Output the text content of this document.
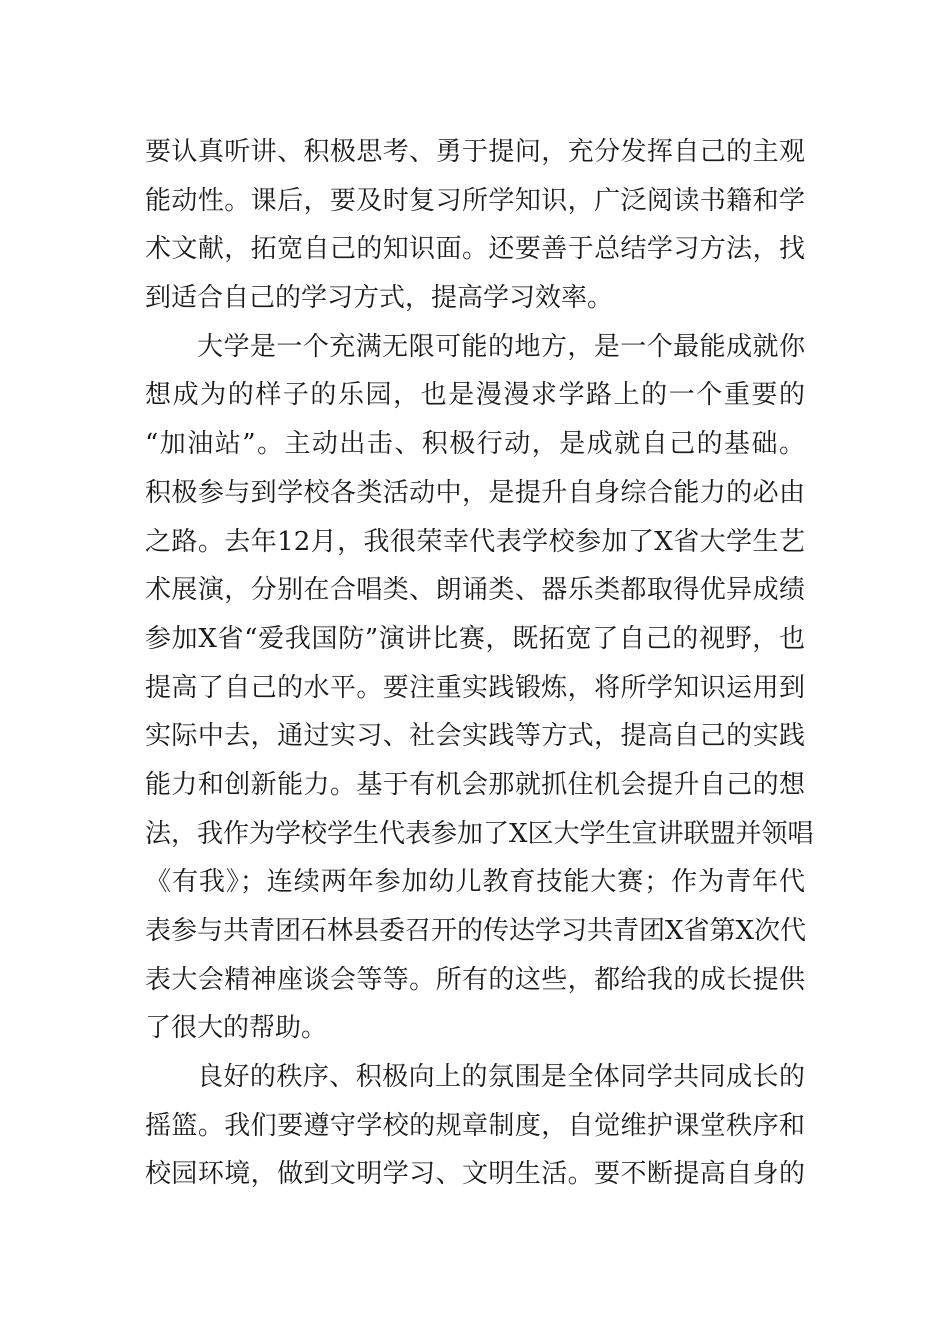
要认真听讲、积极思考、勇于提问，充分发挥自己的主观
能动性。课后，要及时复习所学知识，广泛阅读书籍和学
术文献，拓宽自己的知识面。还要善于总结学习方法，找
到适合自己的学习方式，提高学习效率。
大学是一个充满无限可能的地方，是一个最能成就你
想成为的样子的乐园，也是漫漫求学路上的一个重要的
“加油站”。主动出击、积极行动，是成就自己的基础。
积极参与到学校各类活动中，是提升自身综合能力的必由
之路。去年12月，我很荣幸代表学校参加了X省大学生艺
术展演，分别在合唱类、朗诵类、器乐类都取得优异成绩
参加X省“爱我国防”演讲比赛，既拓宽了自己的视野，也
提高了自己的水平。要注重实践锻炼，将所学知识运用到
实际中去，通过实习、社会实践等方式，提高自己的实践
能力和创新能力。基于有机会那就抓住机会提升自己的想
法，我作为学校学生代表参加了X区大学生宣讲联盟并领唱
《有我》；连续两年参加幼儿教育技能大赛；作为青年代
表参与共青团石林县委召开的传达学习共青团X省第X次代
表大会精神座谈会等等。所有的这些，都给我的成长提供
了很大的帮助。
良好的秩序、积极向上的氛围是全体同学共同成长的
摇篮。我们要遵守学校的规章制度，自觉维护课堂秩序和
校园环境，做到文明学习、文明生活。要不断提高自身的
